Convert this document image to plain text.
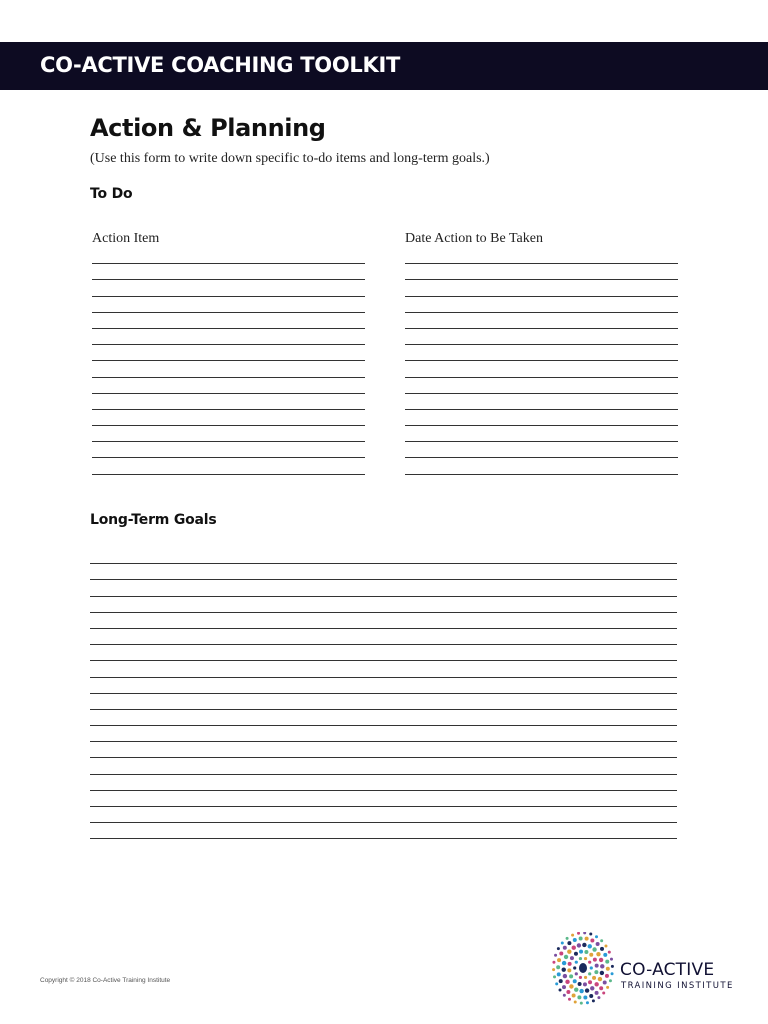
CO-ACTIVE COACHING TOOLKIT
Action & Planning

(Use this form to write down specific to-do items and long-term goals.)

To Do

Action Item	Date Action to Be Taken

Long-Term Goals

Copyright © 2018 Co-Active Training Institute

CO-ACTIVE

TRAINING INSTITUTE
